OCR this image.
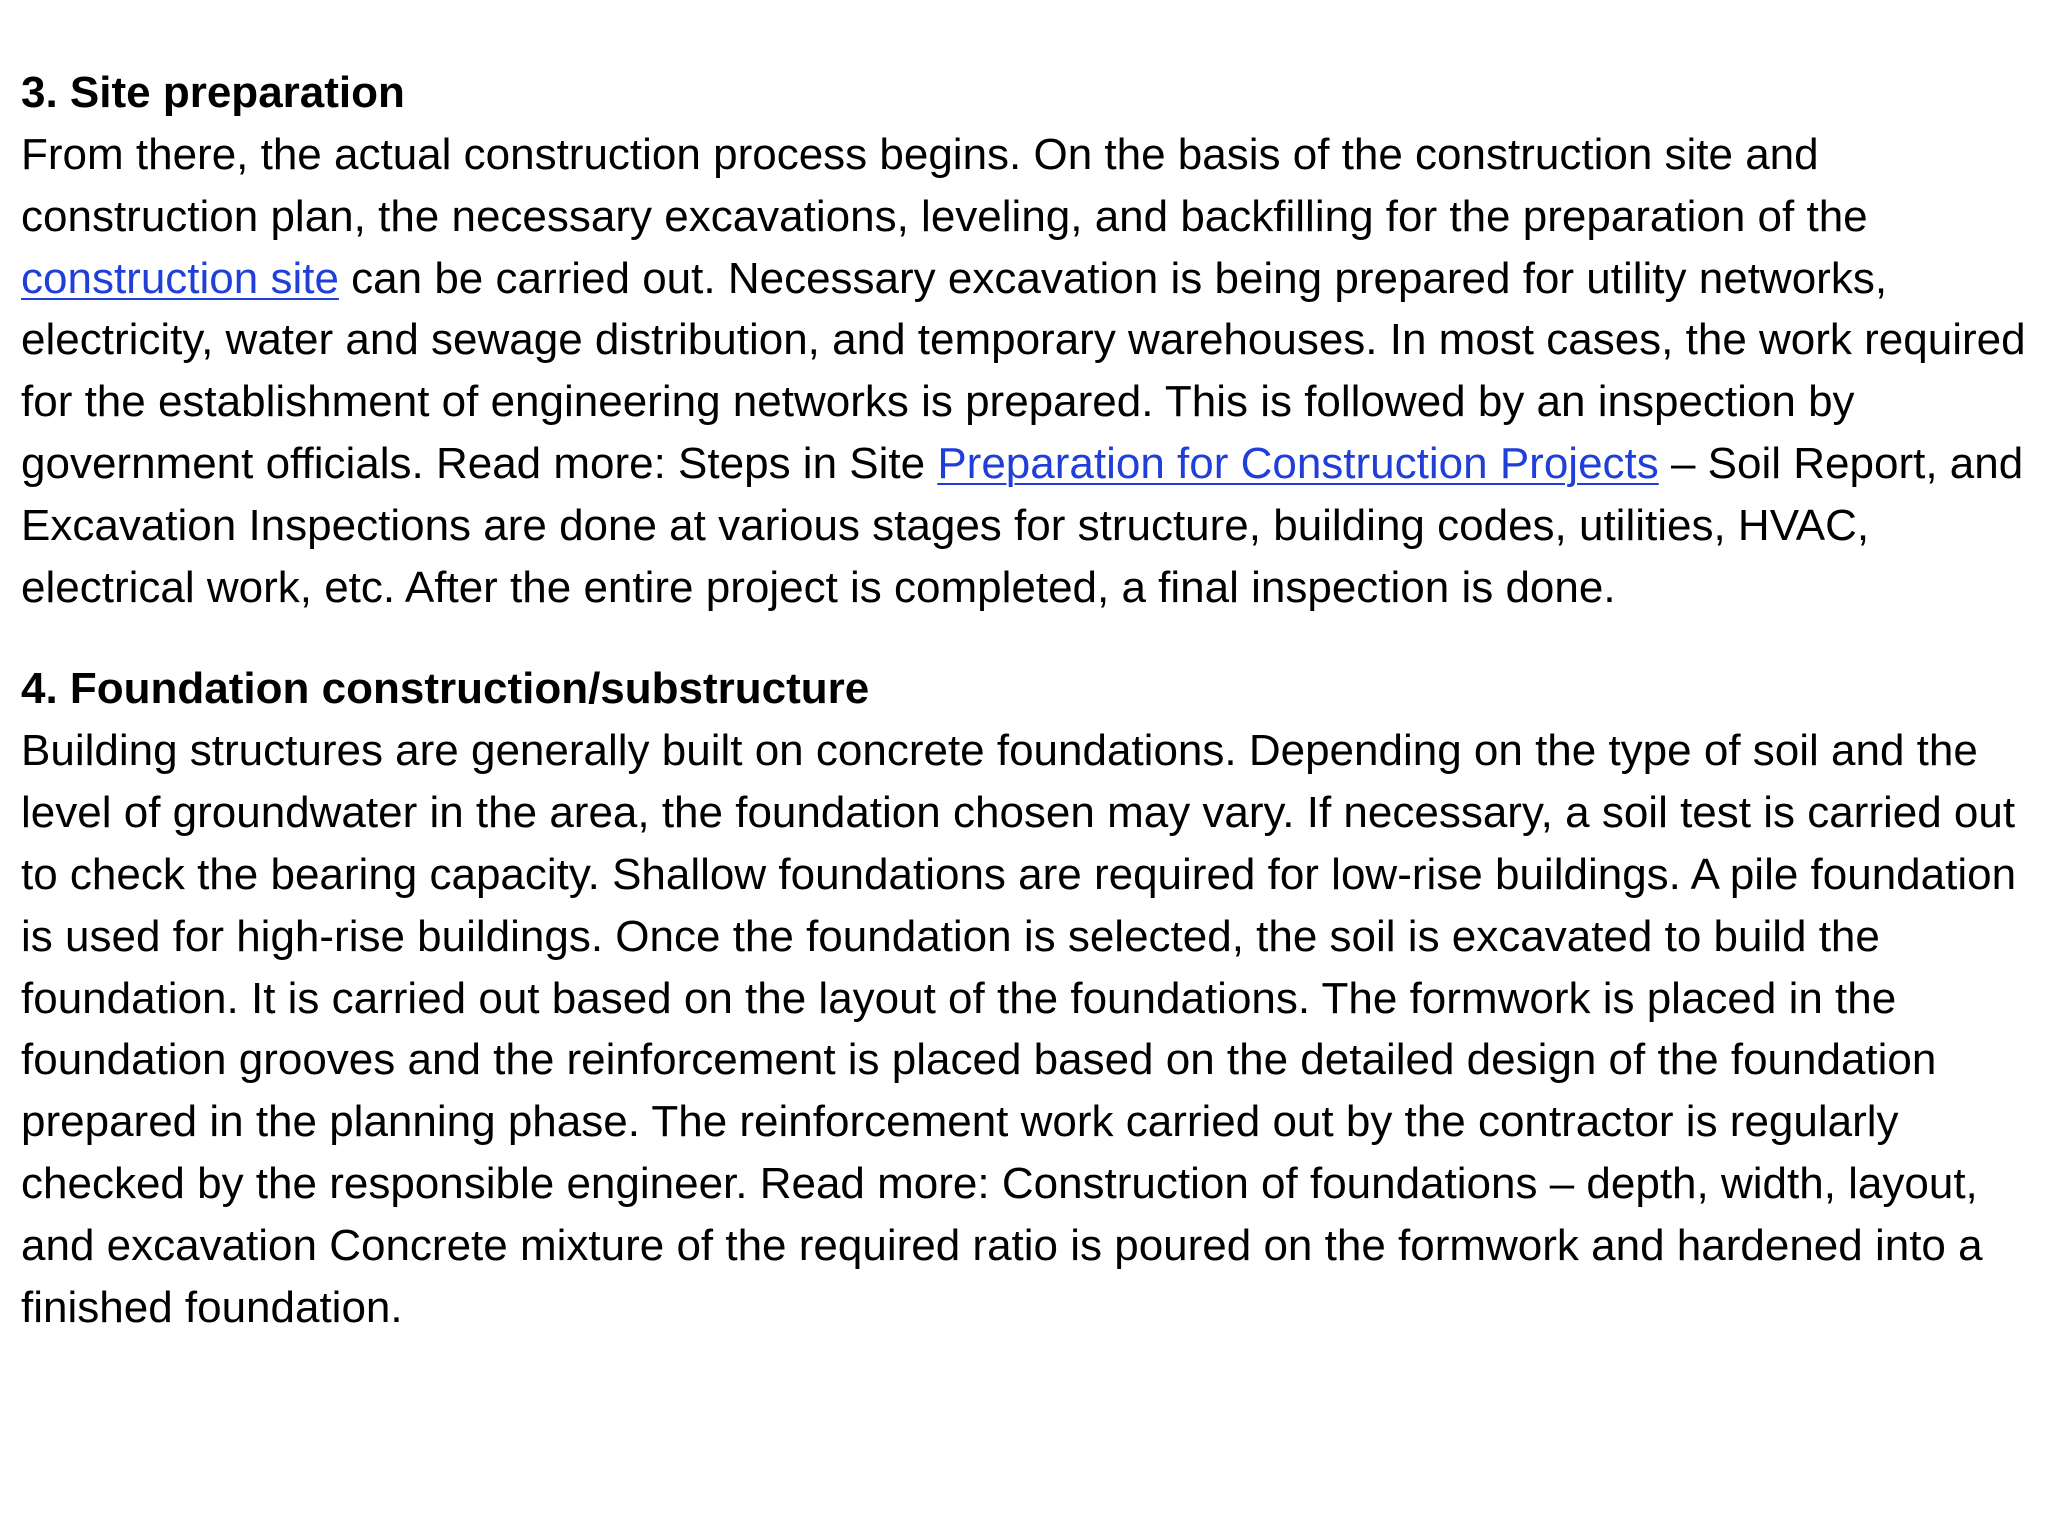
3. Site preparation

From there, the actual construction process begins. On the basis of the construction site and construction plan, the necessary excavations, leveling, and backfilling for the preparation of the construction site can be carried out. Necessary excavation is being prepared for utility networks, electricity, water and sewage distribution, and temporary warehouses. In most cases, the work required for the establishment of engineering networks is prepared. This is followed by an inspection by government officials. Read more: Steps in Site Preparation for Construction Projects – Soil Report, and Excavation Inspections are done at various stages for structure, building codes, utilities, HVAC, electrical work, etc. After the entire project is completed, a final inspection is done.

4. Foundation construction/substructure

Building structures are generally built on concrete foundations. Depending on the type of soil and the level of groundwater in the area, the foundation chosen may vary. If necessary, a soil test is carried out to check the bearing capacity. Shallow foundations are required for low-rise buildings. A pile foundation is used for high-rise buildings. Once the foundation is selected, the soil is excavated to build the foundation. It is carried out based on the layout of the foundations. The formwork is placed in the foundation grooves and the reinforcement is placed based on the detailed design of the foundation prepared in the planning phase. The reinforcement work carried out by the contractor is regularly checked by the responsible engineer. Read more: Construction of foundations – depth, width, layout, and excavation Concrete mixture of the required ratio is poured on the formwork and hardened into a finished foundation.
